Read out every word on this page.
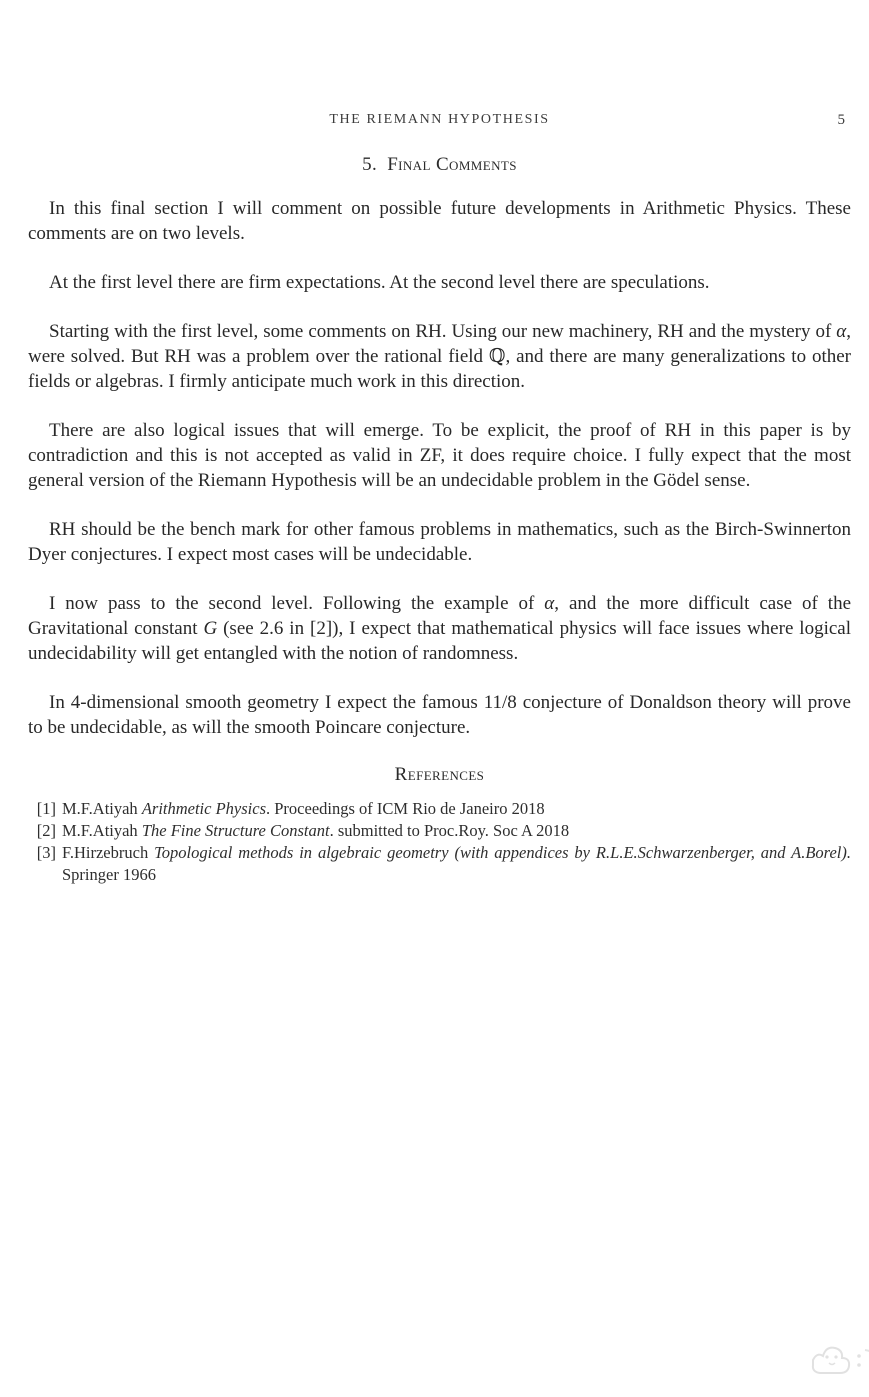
THE RIEMANN HYPOTHESIS	5
5. Final Comments

In this final section I will comment on possible future developments in Arithmetic Physics. These comments are on two levels.

At the first level there are firm expectations. At the second level there are speculations.

Starting with the first level, some comments on RH. Using our new machinery, RH and the mystery of α, were solved. But RH was a problem over the rational field ℚ, and there are many generalizations to other fields or algebras. I firmly anticipate much work in this direction.

There are also logical issues that will emerge. To be explicit, the proof of RH in this paper is by contradiction and this is not accepted as valid in ZF, it does require choice. I fully expect that the most general version of the Riemann Hypothesis will be an undecidable problem in the Gödel sense.

RH should be the bench mark for other famous problems in mathematics, such as the Birch-Swinnerton Dyer conjectures. I expect most cases will be undecidable.

I now pass to the second level. Following the example of α, and the more difficult case of the Gravitational constant G (see 2.6 in [2]), I expect that mathematical physics will face issues where logical undecidability will get entangled with the notion of randomness.

In 4-dimensional smooth geometry I expect the famous 11/8 conjecture of Donaldson theory will prove to be undecidable, as will the smooth Poincare conjecture.

References
[1] M.F.Atiyah Arithmetic Physics. Proceedings of ICM Rio de Janeiro 2018
[2] M.F.Atiyah The Fine Structure Constant. submitted to Proc.Roy. Soc A 2018
[3] F.Hirzebruch Topological methods in algebraic geometry (with appendices by R.L.E.Schwarzenberger, and A.Borel). Springer 1966
